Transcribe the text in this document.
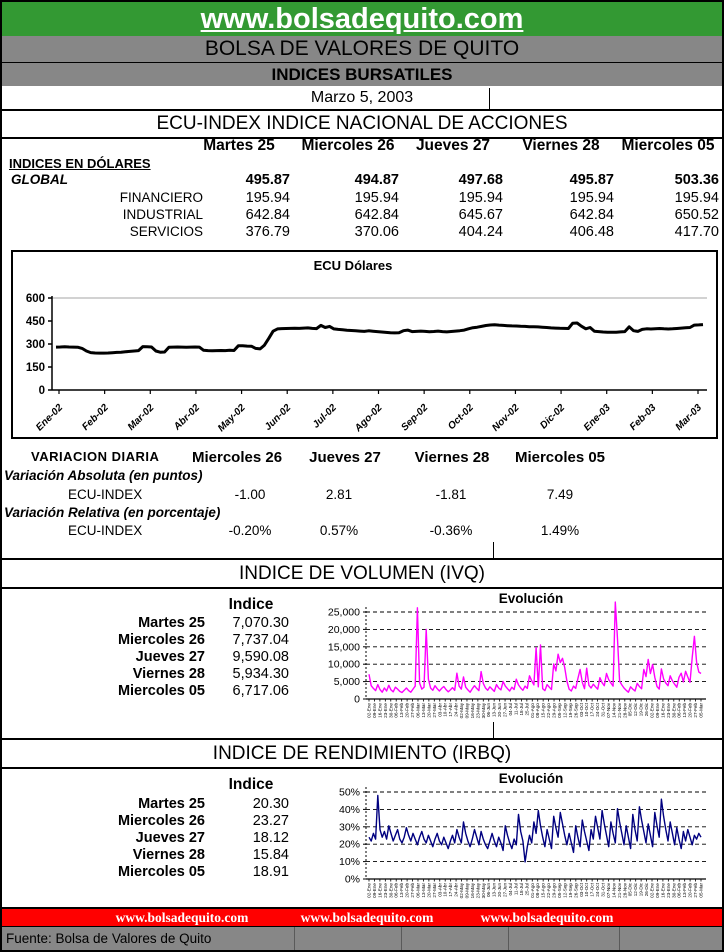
www.bolsadequito.com
BOLSA DE VALORES DE QUITO
INDICES BURSATILES
Marzo 5, 2003
ECU-INDEX INDICE NACIONAL DE ACCIONES
Martes 25	Miercoles 26	Jueves 27	Viernes 28	Miercoles 05
INDICES EN DÓLARES
GLOBAL	495.87	494.87	497.68	495.87	503.36
FINANCIERO	195.94	195.94	195.94	195.94	195.94
INDUSTRIAL	642.84	642.84	645.67	642.84	650.52
SERVICIOS	376.79	370.06	404.24	406.48	417.70
ECU Dólares
0
150
300
450
600
Ene-02 Feb-02 Mar-02 Abr-02 May-02 Jun-02 Jul-02 Ago-02 Sep-02 Oct-02 Nov-02 Dic-02 Ene-03 Feb-03 Mar-03
VARIACION DIARIA Miercoles 26	Jueves 27	Viernes 28	Miercoles 05
Variación Absoluta (en puntos)
ECU-INDEX	-1.00	2.81	-1.81	7.49
Variación Relativa (en porcentaje)
ECU-INDEX	-0.20%	0.57%	-0.36%	1.49%
INDICE DE VOLUMEN (IVQ)
Indice
Martes 25	7,070.30
Miercoles 26	7,737.04
Jueves 27	9,590.08
Viernes 28	5,934.30
Miercoles 05	6,717.06
Evolución
0
5,000
10,000
15,000
20,000
25,000
02-Ene 09-Ene 16-Ene 23-Ene 30-Ene 06-Feb 13-Feb 20-Feb 27-Feb 06-Mar 13-Mar 20-Mar 27-Mar 03-Abr 10-Abr 17-Abr 24-Abr 02-May 09-May 16-May 23-May 30-May 06-Jun 13-Jun 20-Jun 27-Jun 04-Jul 11-Jul 18-Jul 25-Jul 01-Ago 08-Ago 15-Ago 22-Ago 29-Ago 05-Sep 12-Sep 19-Sep 26-Sep 03-Oct 10-Oct 17-Oct 24-Oct 31-Oct 07-Nov 14-Nov 21-Nov 28-Nov 05-Dic 12-Dic 19-Dic 26-Dic 02-Ene 09-Ene 16-Ene 23-Ene 30-Ene 06-Feb 13-Feb 20-Feb 27-Feb 05-Mar
INDICE DE RENDIMIENTO (IRBQ)
Indice
Martes 25	20.30
Miercoles 26	23.27
Jueves 27	18.12
Viernes 28	15.84
Miercoles 05	18.91
Evolución
0%
10%
20%
30%
40%
50%
02-Ene 09-Ene 16-Ene 23-Ene 30-Ene 06-Feb 13-Feb 20-Feb 27-Feb 06-Mar 13-Mar 20-Mar 27-Mar 03-Abr 10-Abr 17-Abr 24-Abr 02-May 09-May 16-May 23-May 30-May 06-Jun 13-Jun 20-Jun 27-Jun 04-Jul 11-Jul 18-Jul 25-Jul 01-Ago 08-Ago 15-Ago 22-Ago 29-Ago 05-Sep 12-Sep 19-Sep 26-Sep 03-Oct 10-Oct 17-Oct 24-Oct 31-Oct 07-Nov 14-Nov 21-Nov 28-Nov 05-Dic 12-Dic 19-Dic 26-Dic 02-Ene 09-Ene 16-Ene 23-Ene 30-Ene 06-Feb 13-Feb 20-Feb 27-Feb 05-Mar
www.bolsadequito.com	www.bolsadequito.com	www.bolsadequito.com
Fuente: Bolsa de Valores de Quito
